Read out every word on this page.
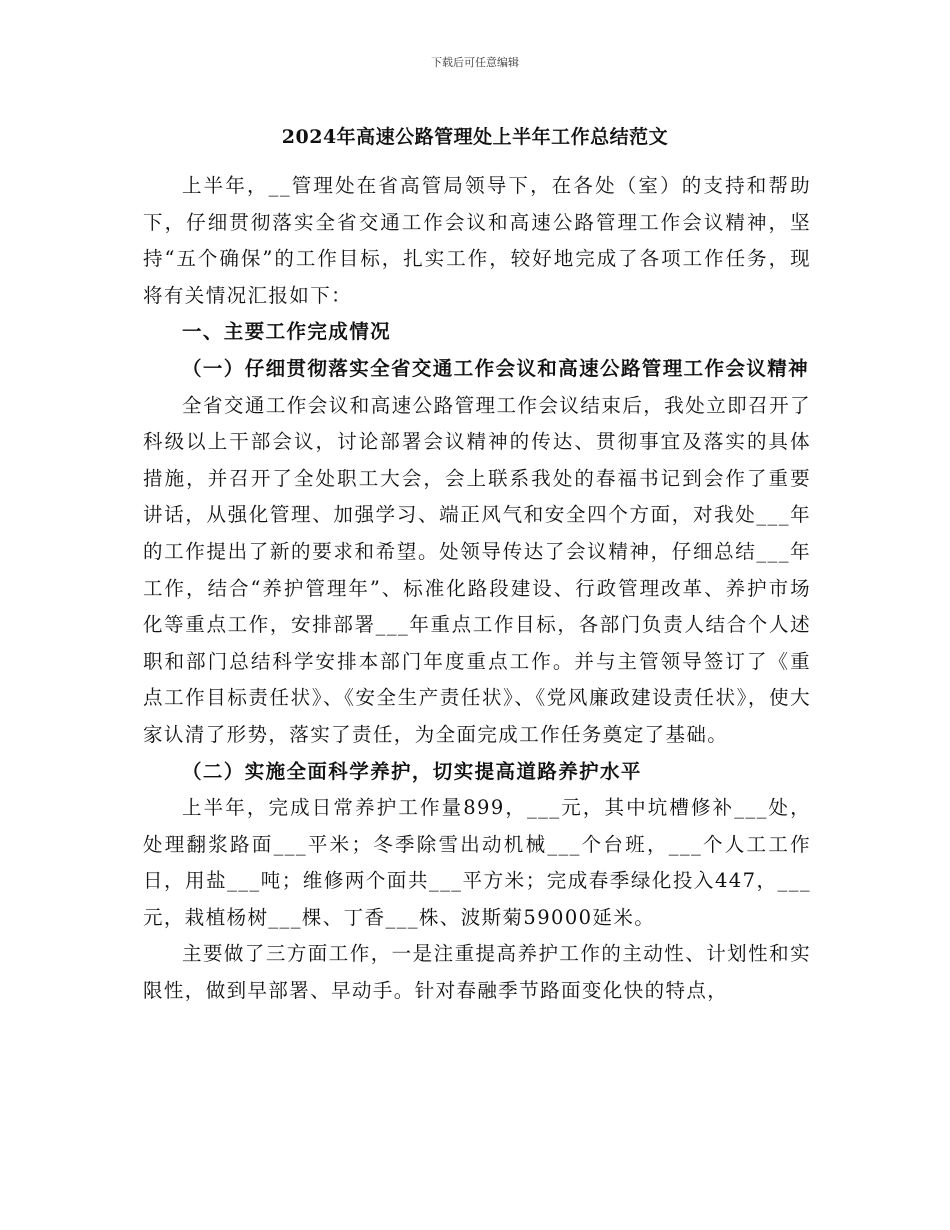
下载后可任意编辑
2024年高速公路管理处上半年工作总结范文

上半年，__管理处在省高管局领导下，在各处（室）的支持和帮助下，仔细贯彻落实全省交通工作会议和高速公路管理工作会议精神，坚持“五个确保”的工作目标，扎实工作，较好地完成了各项工作任务，现将有关情况汇报如下：

一、主要工作完成情况

（一）仔细贯彻落实全省交通工作会议和高速公路管理工作会议精神

全省交通工作会议和高速公路管理工作会议结束后，我处立即召开了科级以上干部会议，讨论部署会议精神的传达、贯彻事宜及落实的具体措施，并召开了全处职工大会，会上联系我处的春福书记到会作了重要讲话，从强化管理、加强学习、端正风气和安全四个方面，对我处___年的工作提出了新的要求和希望。处领导传达了会议精神，仔细总结___年工作，结合“养护管理年”、标准化路段建设、行政管理改革、养护市场化等重点工作，安排部署___年重点工作目标，各部门负责人结合个人述职和部门总结科学安排本部门年度重点工作。并与主管领导签订了《重点工作目标责任状》、《安全生产责任状》、《党风廉政建设责任状》，使大家认清了形势，落实了责任，为全面完成工作任务奠定了基础。

（二）实施全面科学养护，切实提高道路养护水平

上半年，完成日常养护工作量899，___元，其中坑槽修补___处，处理翻浆路面___平米；冬季除雪出动机械___个台班，___个人工工作日，用盐___吨；维修两个面共___平方米；完成春季绿化投入447，___元，栽植杨树___棵、丁香___株、波斯菊59000延米。

主要做了三方面工作，一是注重提高养护工作的主动性、计划性和实限性，做到早部署、早动手。针对春融季节路面变化快的特点，
